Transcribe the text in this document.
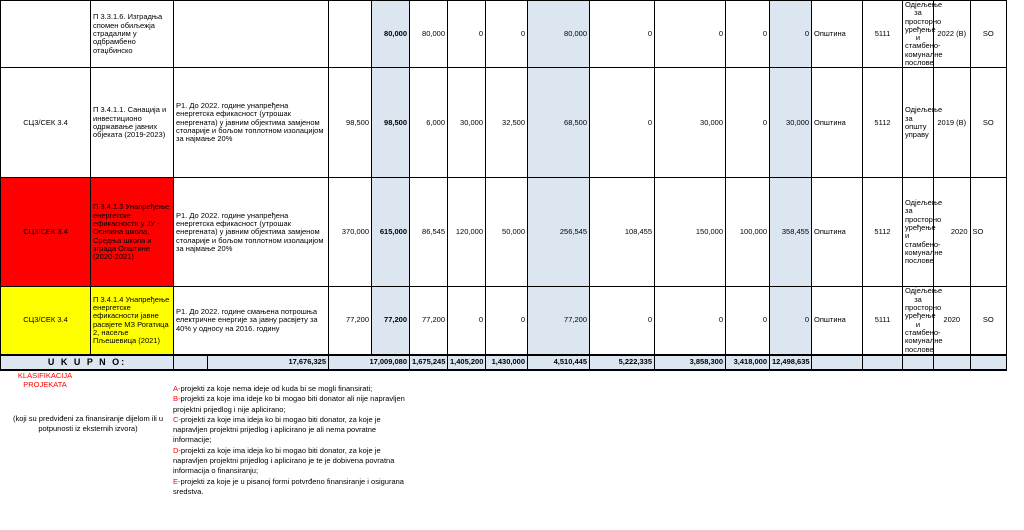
	П 3.3.1.6. Изградња спомен обиљежја страдалим у одбрамбено отаџбинско				80,000	80,000	0	0	80,000	0	0	0	0	Општина	5111	Одјељење за просторно уређење и стамбено-комуналне послове	2022 (B)	SO
СЦ3/СЕК 3.4	П 3.4.1.1. Санација и инвестиционо одржавање јавних објеката (2019-2023)	Р1. До 2022. године унапређена енергетска ефикасност (утрошак енергената) у јавним објектима замјеном столарије и бољом топлотном изолацијом за најмање 20%		98,500	98,500	6,000	30,000	32,500	68,500	0	30,000	0	30,000	Општина	5112	Одјељење за општу управу	2019 (B)	SO
СЦ3/СЕК 3.4	П 3.4.1.3 Унапређење енергетске ефикасности у ЈУ - Основна школа, Средња школа и зграда Општине (2020-2021)	Р1. До 2022. године унапређена енергетска ефикасност (утрошак енергената) у јавним објектима замјеном столарије и бољом топлотном изолацијом за најмање 20%		370,000	615,000	86,545	120,000	50,000	256,545	108,455	150,000	100,000	358,455	Општина	5112	Одјељење за просторно уређење и стамбено-комуналне послове	2020	SO
СЦ3/СЕК 3.4	П 3.4.1.4 Унапређење енергетске ефикасности јавне расвјете МЗ Рогатица 2, насеље Пљешевица (2021)	Р1. До 2022. године смањена потрошња електричне енергије за јавну расвјету за 40% у односу на 2016. годину		77,200	77,200	77,200	0	0	77,200	0	0	0	0	Општина	5111	Одјељење за просторно уређење и стамбено-комуналне послове	2020	SO
U K U P N O:			17,676,325	17,009,080		1,675,245	1,405,200	1,430,000	4,510,445	5,222,335	3,858,300	3,418,000	12,498,635					
KLASIFIKACIJA PROJEKATA
(koji su predviđeni za finansiranje dijelom ili u potpunosti iz eksternih izvora)
A-projekti za koje nema ideje od kuda bi se mogli finansirati;
B-projekti za koje ima ideje ko bi mogao biti donator ali nije napravljen projektni prijedlog i nije aplicirano;
C-projekti za koje ima ideja ko bi mogao biti donator, za koje je napravljen projektni prijedlog i aplicirano je ali nema povratne informacije;
D-projekti za koje ima ideja ko bi mogao biti donator, za koje je napravljen projektni prijedlog i aplicirano je te je dobivena povratna informacija o finansiranju;
E-projekti za koje je u pisanoj formi potvrđeno finansiranje i osigurana sredstva.
